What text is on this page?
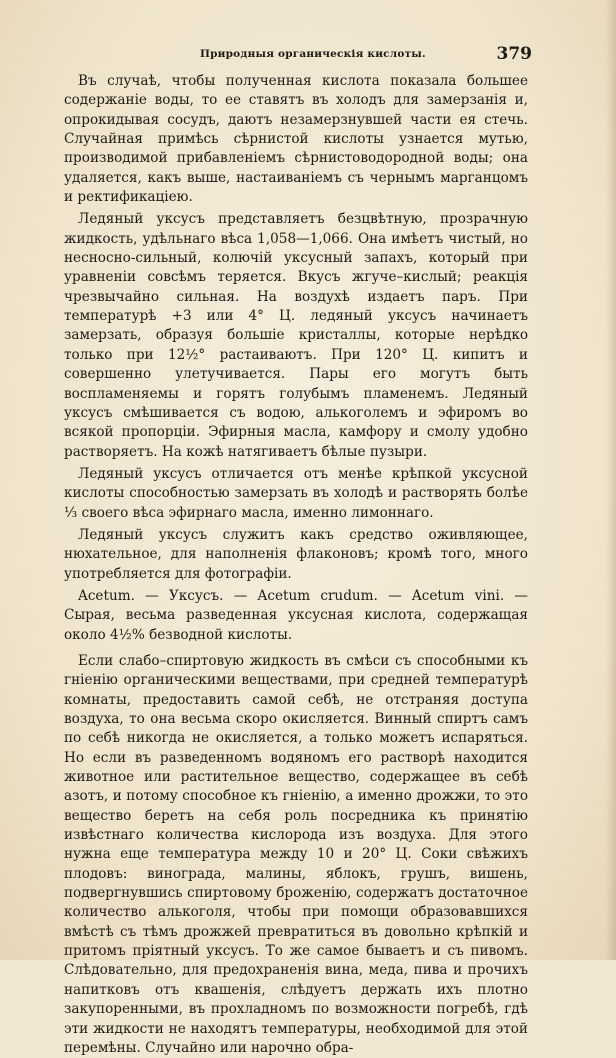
Природныя органическія кислоты.	379

Въ случаѣ, чтобы полученная кислота показала большее содержаніе воды, то ее ставятъ въ холодъ для замерзанія и, опрокидывая сосудъ, даютъ незамерзнувшей части ея стечь. Случайная примѣсь сѣрнистой кислоты узнается мутью, производимой прибавленіемъ сѣрнистоводородной воды; она удаляется, какъ выше, настаиваніемъ съ чернымъ марганцомъ и ректификаціею.

Ледяный уксусъ представляетъ безцвѣтную, прозрачную жидкость, удѣльнаго вѣса 1,058—1,066. Она имѣетъ чистый, но несносно-сильный, колючій уксусный запахъ, который при уравненіи совсѣмъ теряется. Вкусъ жгуче–кислый; реакція чрезвычайно сильная. На воздухѣ издаетъ паръ. При температурѣ +3 или 4° Ц. ледяный уксусъ начинаетъ замерзать, образуя большіе кристаллы, которые нерѣдко только при 12½° растаиваютъ. При 120° Ц. кипитъ и совершенно улетучивается. Пары его могутъ быть воспламеняемы и горятъ голубымъ пламенемъ. Ледяный уксусъ смѣшивается съ водою, алькоголемъ и эфиромъ во всякой пропорціи. Эфирныя масла, камфору и смолу удобно растворяетъ. На кожѣ натягиваетъ бѣлые пузыри.

Ледяный уксусъ отличается отъ менѣе крѣпкой уксусной кислоты способностью замерзать въ холодѣ и растворять болѣе ⅓ своего вѣса эфирнаго масла, именно лимоннаго.

Ледяный уксусъ служитъ какъ средство оживляющее, нюхательное, для наполненія флаконовъ; кромѣ того, много употребляется для фотографіи.

Acetum. — Уксусъ. — Acetum crudum. — Acetum vini. — Сырая, весьма разведенная уксусная кислота, содержащая около 4½% безводной кислоты.

Если слабо–спиртовую жидкость въ смѣси съ способными къ гніенію органическими веществами, при средней температурѣ комнаты, предоставить самой себѣ, не отстраняя доступа воздуха, то она весьма скоро окисляется. Винный спиртъ самъ по себѣ никогда не окисляется, а только можетъ испаряться. Но если въ разведенномъ водяномъ его растворѣ находится животное или растительное вещество, содержащее въ себѣ азотъ, и потому способное къ гніенію, а именно дрожжи, то это вещество беретъ на себя роль посредника къ принятію извѣстнаго количества кислорода изъ воздуха. Для этого нужна еще температура между 10 и 20° Ц. Соки свѣжихъ плодовъ: винограда, малины, яблокъ, грушъ, вишень, подвергнувшись спиртовому броженію, содержатъ достаточное количество алькоголя, чтобы при помощи образовавшихся вмѣстѣ съ тѣмъ дрожжей превратиться въ довольно крѣпкій и притомъ пріятный уксусъ. То же самое бываетъ и съ пивомъ. Слѣдовательно, для предохраненія вина, меда, пива и прочихъ напитковъ отъ квашенія, слѣдуетъ держать ихъ плотно закупоренными, въ прохладномъ по возможности погребѣ, гдѣ эти жидкости не находятъ температуры, необходимой для этой перемѣны. Случайно или нарочно обра-
